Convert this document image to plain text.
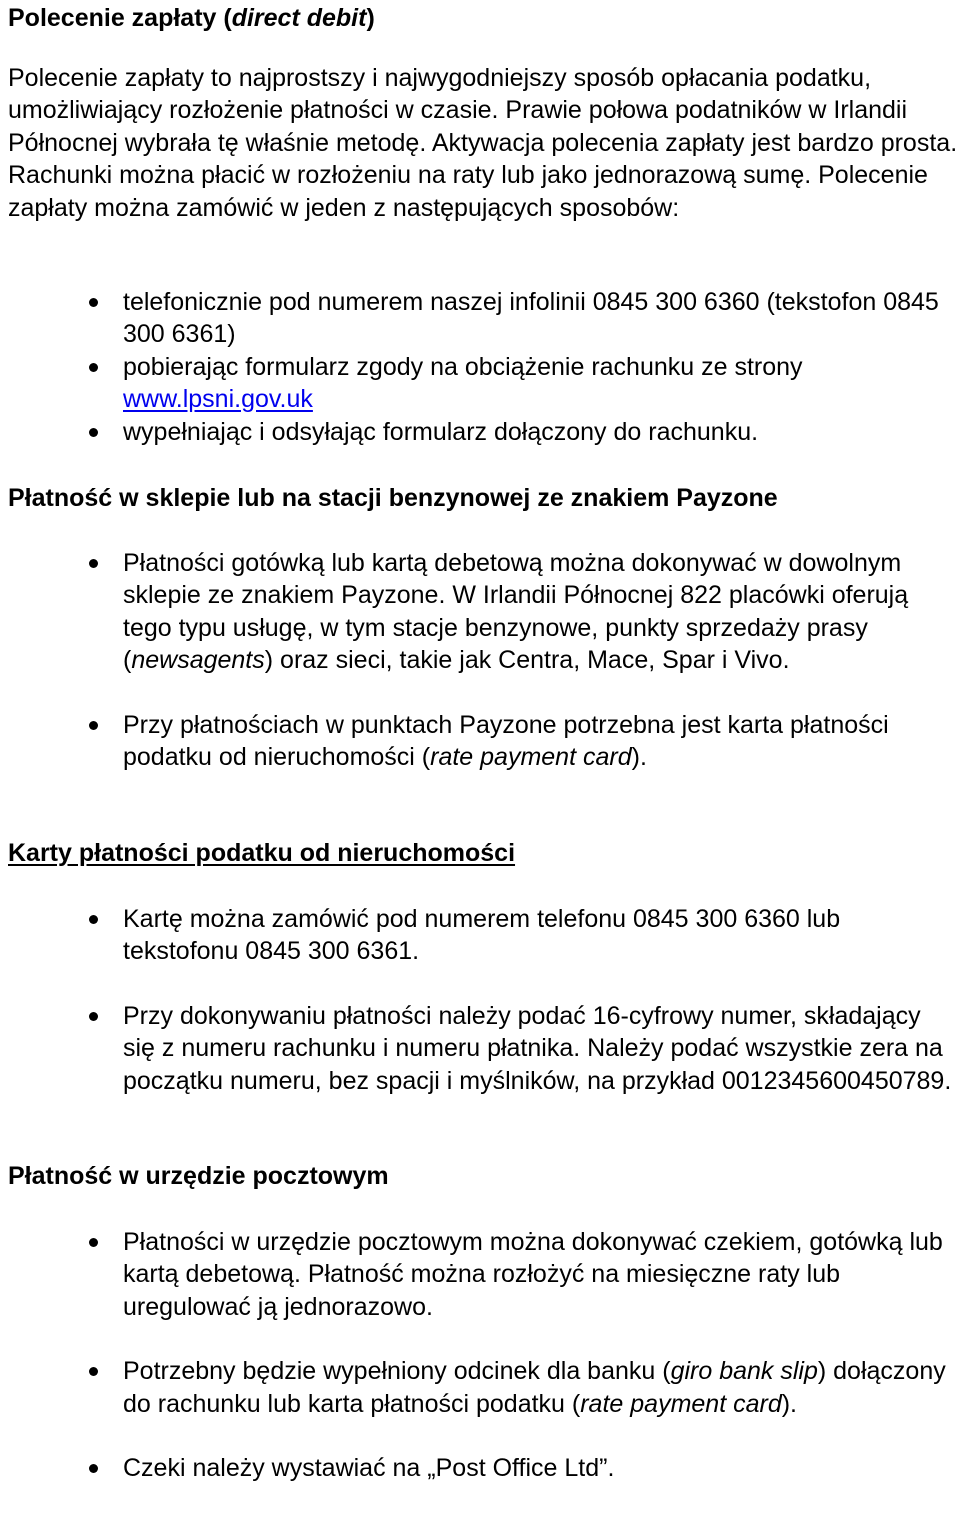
Polecenie zapłaty (direct debit)

Polecenie zapłaty to najprostszy i najwygodniejszy sposób opłacania podatku, umożliwiający rozłożenie płatności w czasie. Prawie połowa podatników w Irlandii Północnej wybrała tę właśnie metodę. Aktywacja polecenia zapłaty jest bardzo prosta. Rachunki można płacić w rozłożeniu na raty lub jako jednorazową sumę. Polecenie zapłaty można zamówić w jeden z następujących sposobów:

telefonicznie pod numerem naszej infolinii 0845 300 6360 (tekstofon 0845 300 6361)
pobierając formularz zgody na obciążenie rachunku ze strony www.lpsni.gov.uk
wypełniając i odsyłając formularz dołączony do rachunku.
Płatność w sklepie lub na stacji benzynowej ze znakiem Payzone
Płatności gotówką lub kartą debetową można dokonywać w dowolnym sklepie ze znakiem Payzone. W Irlandii Północnej 822 placówki oferują tego typu usługę, w tym stacje benzynowe, punkty sprzedaży prasy (newsagents) oraz sieci, takie jak Centra, Mace, Spar i Vivo.
Przy płatnościach w punktach Payzone potrzebna jest karta płatności podatku od nieruchomości (rate payment card).
Karty płatności podatku od nieruchomości
Kartę można zamówić pod numerem telefonu 0845 300 6360 lub tekstofonu 0845 300 6361.
Przy dokonywaniu płatności należy podać 16-cyfrowy numer, składający się z numeru rachunku i numeru płatnika. Należy podać wszystkie zera na początku numeru, bez spacji i myślników, na przykład 0012345600450789.
Płatność w urzędzie pocztowym
Płatności w urzędzie pocztowym można dokonywać czekiem, gotówką lub kartą debetową. Płatność można rozłożyć na miesięczne raty lub uregulować ją jednorazowo.
Potrzebny będzie wypełniony odcinek dla banku (giro bank slip) dołączony do rachunku lub karta płatności podatku (rate payment card).
Czeki należy wystawiać na „Post Office Ltd”.
